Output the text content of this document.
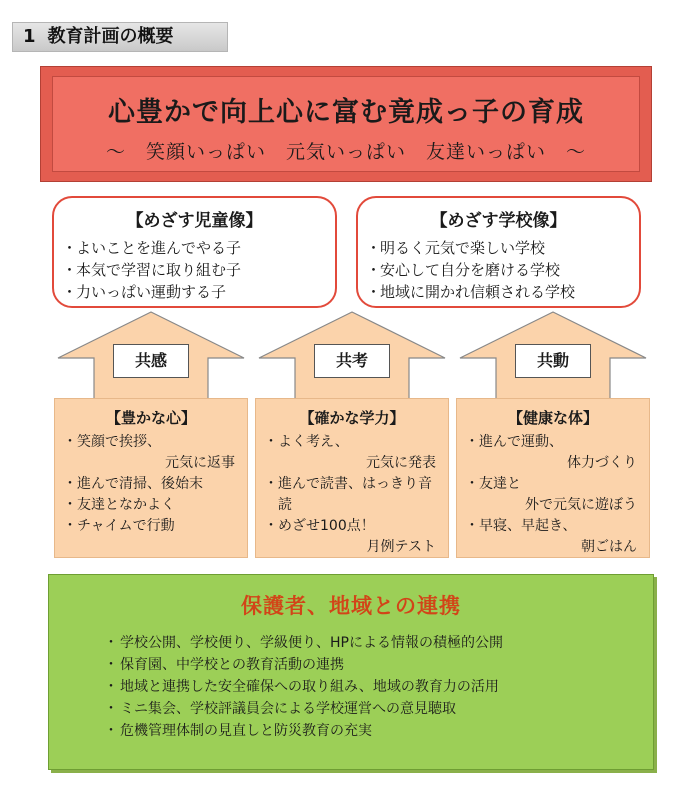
1 教育計画の概要
心豊かで向上心に富む竟成っ子の育成
～　笑顔いっぱい　元気いっぱい　友達いっぱい　～
【めざす児童像】
・ よいことを進んでやる子
・ 本気で学習に取り組む子
・ 力いっぱい運動する子
【めざす学校像】
・ 明るく元気で楽しい学校
・ 安心して自分を磨ける学校
・ 地域に開かれ信頼される学校
共感
【豊かな心】
・ 笑顔で挨拶、
元気に返事
・ 進んで清掃、後始末
・ 友達となかよく
・ チャイムで行動
共考
【確かな学力】
・ よく考え、
元気に発表
・ 進んで読書、はっきり音読
・ めざせ100点！
月例テスト
共動
【健康な体】
・ 進んで運動、
体力づくり
・ 友達と
外で元気に遊ぼう
・ 早寝、早起き、
朝ごはん
保護者、地域との連携
・ 学校公開、学校便り、学級便り、HPによる情報の積極的公開
・ 保育園、中学校との教育活動の連携
・ 地域と連携した安全確保への取り組み、地域の教育力の活用
・ ミニ集会、学校評議員会による学校運営への意見聴取
・ 危機管理体制の見直しと防災教育の充実
